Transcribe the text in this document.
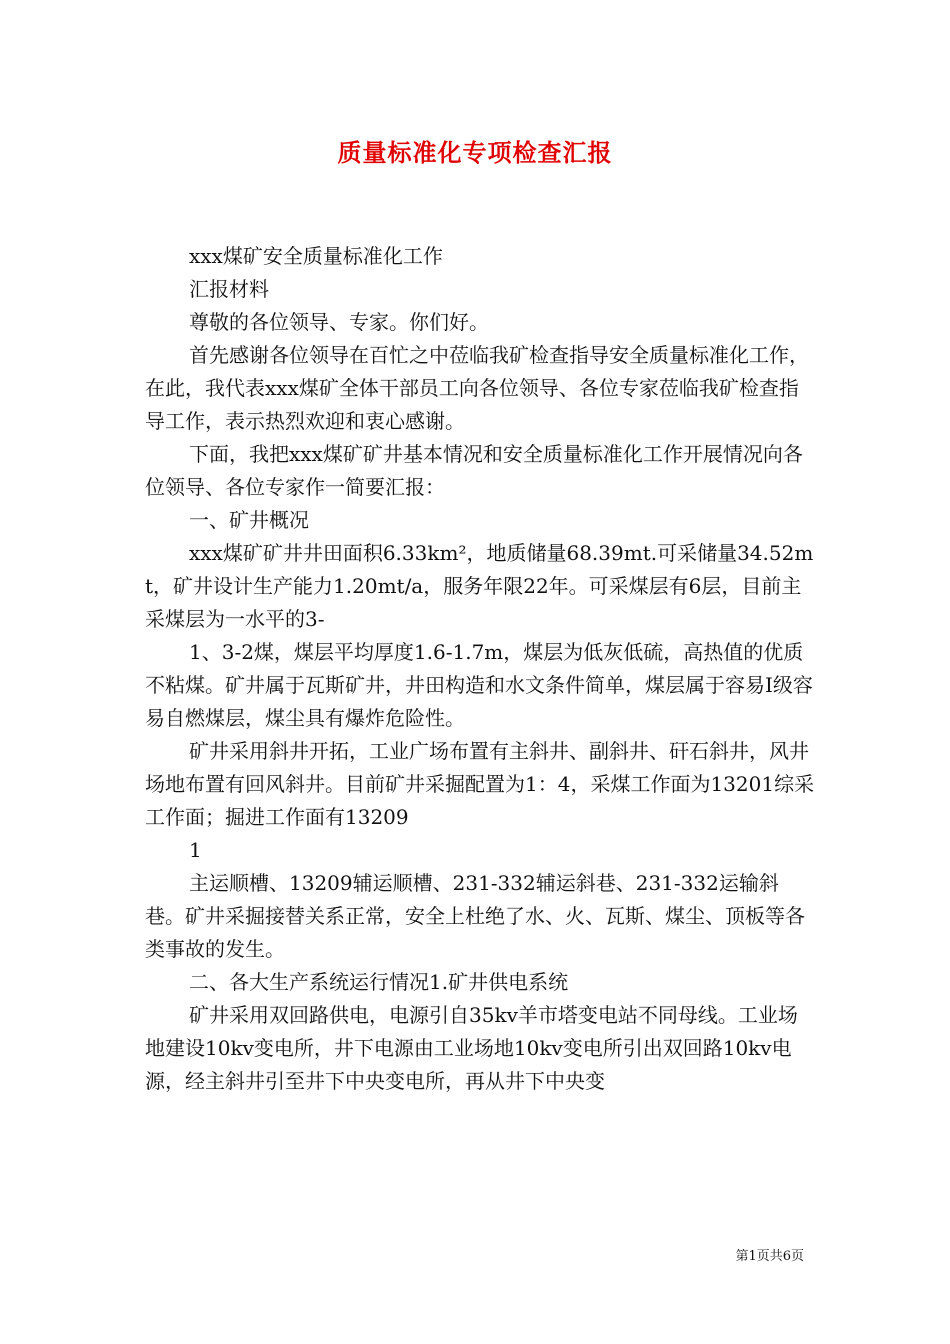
质量标准化专项检查汇报

xxx煤矿安全质量标准化工作

汇报材料

尊敬的各位领导、专家。你们好。

首先感谢各位领导在百忙之中莅临我矿检查指导安全质量标准化工作，在此，我代表xxx煤矿全体干部员工向各位领导、各位专家莅临我矿检查指导工作，表示热烈欢迎和衷心感谢。

下面，我把xxx煤矿矿井基本情况和安全质量标准化工作开展情况向各位领导、各位专家作一简要汇报：

一、矿井概况

xxx煤矿矿井井田面积6.33km²，地质储量68.39mt.可采储量34.52mt，矿井设计生产能力1.20mt/a，服务年限22年。可采煤层有6层，目前主采煤层为一水平的3-

1、3-2煤，煤层平均厚度1.6-1.7m，煤层为低灰低硫，高热值的优质不粘煤。矿井属于瓦斯矿井，井田构造和水文条件简单，煤层属于容易Ⅰ级容易自燃煤层，煤尘具有爆炸危险性。

矿井采用斜井开拓，工业广场布置有主斜井、副斜井、矸石斜井，风井场地布置有回风斜井。目前矿井采掘配置为1：4，采煤工作面为13201综采工作面；掘进工作面有13209

1

主运顺槽、13209辅运顺槽、231-332辅运斜巷、231-332运输斜巷。矿井采掘接替关系正常，安全上杜绝了水、火、瓦斯、煤尘、顶板等各类事故的发生。

二、各大生产系统运行情况1.矿井供电系统

矿井采用双回路供电，电源引自35kv羊市塔变电站不同母线。工业场地建设10kv变电所，井下电源由工业场地10kv变电所引出双回路10kv电源，经主斜井引至井下中央变电所，再从井下中央变

第1页共6页
